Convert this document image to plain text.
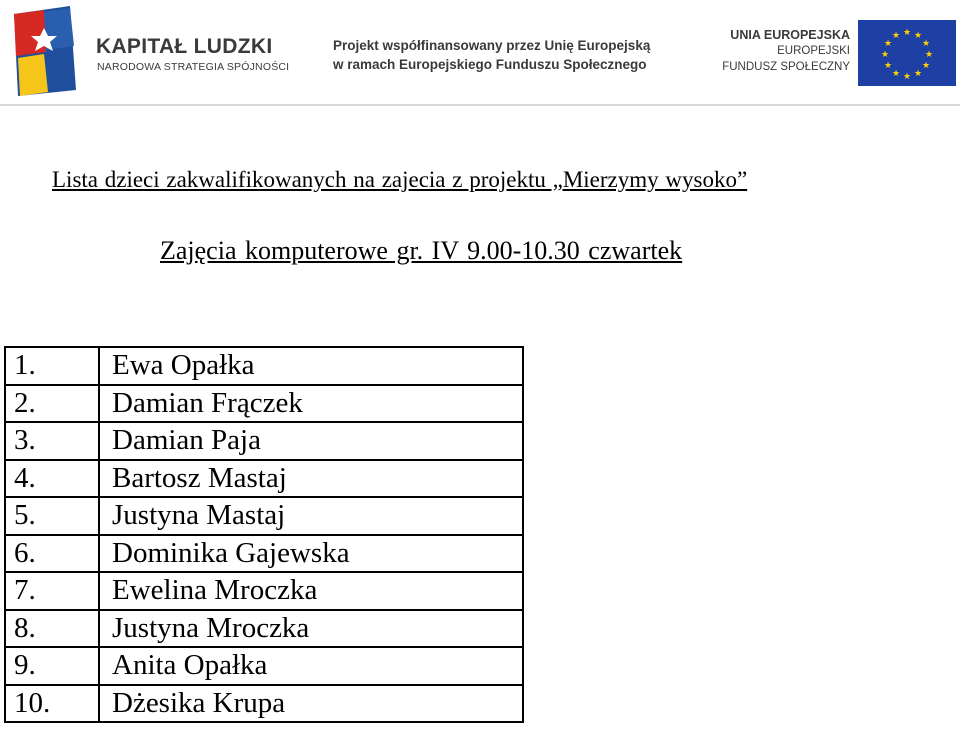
KAPITAŁ LUDZKI
NARODOWA STRATEGIA SPÓJNOŚCI
Projekt współfinansowany przez Unię Europejską
w ramach Europejskiego Funduszu Społecznego
UNIA EUROPEJSKA
EUROPEJSKI
FUNDUSZ SPOŁECZNY
★ ★
★
★
★
★
★
★
★
★
★
★
Lista dzieci zakwalifikowanych na zajecia z projektu „Mierzymy wysoko”
Zajęcia komputerowe gr. IV 9.00-10.30 czwartek
1.	Ewa Opałka
2.	Damian Frączek
3.	Damian Paja
4.	Bartosz Mastaj
5.	Justyna Mastaj
6.	Dominika Gajewska
7.	Ewelina Mroczka
8.	Justyna Mroczka
9.	Anita Opałka
10.	Dżesika Krupa
